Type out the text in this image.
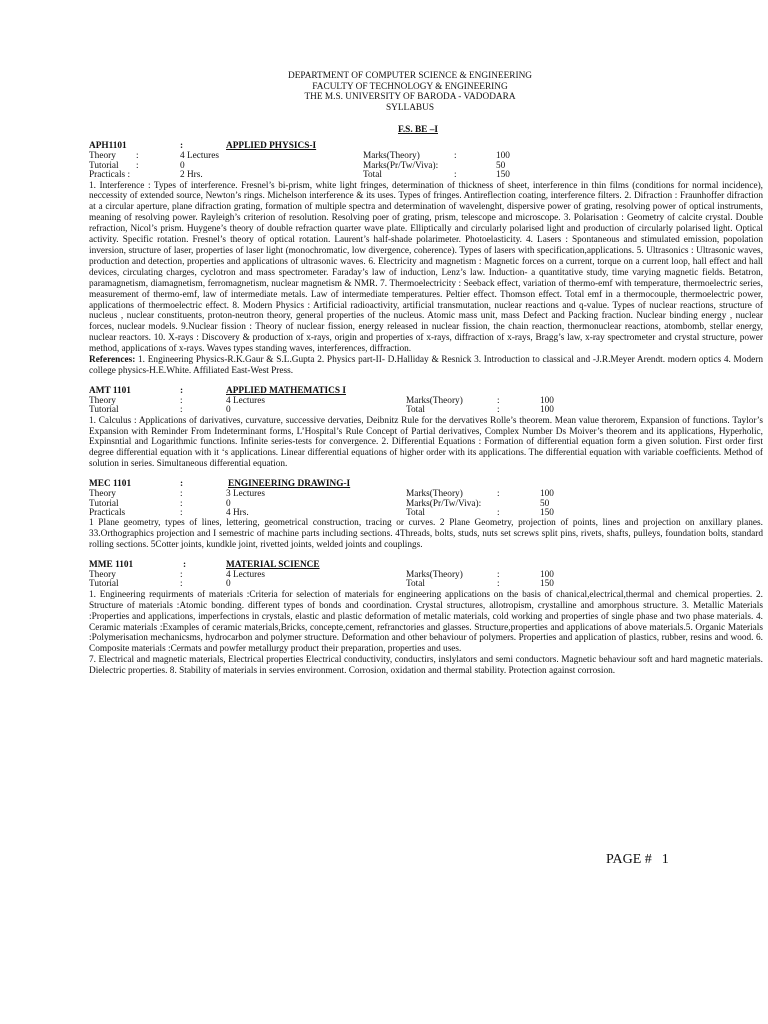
DEPARTMENT OF COMPUTER SCIENCE & ENGINEERING
FACULTY OF TECHNOLOGY & ENGINEERING
THE M.S. UNIVERSITY OF BARODA - VADODARA
SYLLABUS
F.S. BE –I
APH1101	:	APPLIED PHYSICS-I
Theory :	4 Lectures	Marks(Theory)	:	100
Tutorial :	0	Marks(Pr/Tw/Viva):	50
Practicals :	2 Hrs.	Total	:	150
1. Interference : Types of interference. Fresnel’s bi-prism, white light fringes, determination of thickness of sheet, interference in thin films (conditions for normal incidence), neccessity of extended source, Newton’s rings. Michelson interference & its uses. Types of fringes. Antireflection coating, interference filters. 2. Difraction : Fraunhoffer difraction at a circular aperture, plane difraction grating, formation of multiple spectra and determination of wavelenght, dispersive power of grating, resolving power of optical instruments, meaning of resolving power. Rayleigh’s criterion of resolution. Resolving poer of grating, prism, telescope and microscope. 3. Polarisation : Geometry of calcite crystal. Double refraction, Nicol’s prism. Huygene’s theory of double refraction quarter wave plate. Elliptically and circularly polarised light and production of circularly polarised light. Optical activity. Specific rotation. Fresnel’s theory of optical rotation. Laurent’s half-shade polarimeter. Photoelasticity. 4. Lasers : Spontaneous and stimulated emission, popolation inversion, structure of laser, properties of laser light (monochromatic, low divergence, coherence). Types of lasers with specification,applications. 5. Ultrasonics : Ultrasonic waves, production and detection, properties and applications of ultrasonic waves. 6. Electricity and magnetism : Magnetic forces on a current, torque on a current loop, hall effect and hall devices, circulating charges, cyclotron and mass spectrometer. Faraday’s law of induction, Lenz’s law. Induction- a quantitative study, time varying magnetic fields. Betatron, paramagnetism, diamagnetism, ferromagnetism, nuclear magnetism & NMR. 7. Thermoelectricity : Seeback effect, variation of thermo-emf with temperature, thermoelectric series, measurement of thermo-emf, law of intermediate metals. Law of intermediate temperatures. Peltier effect. Thomson effect. Total emf in a thermocouple, thermoelectric power, applications of thermoelectric effect. 8. Modern Physics : Artificial radioactivity, artificial transmutation, nuclear reactions and q-value. Types of nuclear reactions, structure of nucleus , nuclear constituents, proton-neutron theory, general properties of the nucleus. Atomic mass unit, mass Defect and Packing fraction. Nuclear binding energy , nuclear forces, nuclear models. 9.Nuclear fission : Theory of nuclear fission, energy released in nuclear fission, the chain reaction, thermonuclear reactions, atombomb, stellar energy, nuclear reactors. 10. X-rays : Discovery & production of x-rays, origin and properties of x-rays, diffraction of x-rays, Bragg’s law, x-ray spectrometer and crystal structure, power method, applications of x-rays. Waves types standing waves, interferences, diffraction.
References: 1. Engineering Physics-R.K.Gaur & S.L.Gupta 2. Physics part-II- D.Halliday & Resnick 3. Introduction to classical and -J.R.Meyer Arendt. modern optics 4. Modern college physics-H.E.White. Affiliated East-West Press.
AMT 1101	:	APPLIED MATHEMATICS I
Theory	:	4 Lectures	Marks(Theory)	:	100
Tutorial	:	0	Total	:	100
1. Calculus : Applications of darivatives, curvature, successive dervaties, Deibnitz Rule for the dervatives Rolle’s theorem. Mean value therorem, Expansion of functions. Taylor’s Expansion with Reminder From Indeterminant forms, L’Hospital’s Rule Concept of Partial derivatives, Complex Number Ds Moiver’s theorem and its applications, Hyperholic, Expinsntial and Logarithmic functions. Infinite series-tests for convergence. 2. Differential Equations : Formation of differential equation form a given solution. First order first degree differential equation with it ‘s applications. Linear differential equations of higher order with its applications. The differential equation with variable coefficients. Method of solution in series. Simultaneous differential equation.
MEC 1101	:	ENGINEERING DRAWING-I
Theory	:	3 Lectures	Marks(Theory)	:	100
Tutorial	:	0	Marks(Pr/Tw/Viva):	50
Practicals	:	4 Hrs.	Total	:	150
1 Plane geometry, types of lines, lettering, geometrical construction, tracing or curves. 2 Plane Geometry, projection of points, lines and projection on anxillary planes. 33.Orthographics projection and I semestric of machine parts including sections. 4Threads, bolts, studs, nuts set screws split pins, rivets, shafts, pulleys, foundation bolts, standard rolling sections. 5Cotter joints, kundkle joint, rivetted joints, welded joints and couplings.
MME 1101	:	MATERIAL SCIENCE
Theory	:	4 Lectures	Marks(Theory)	:	100
Tutorial	:	0	Total	:	150
1. Engineering requirments of materials :Criteria for selection of materials for engineering applications on the basis of chanical,electrical,thermal and chemical properties. 2. Structure of materials :Atomic bonding. different types of bonds and coordination. Crystal structures, allotropism, crystalline and amorphous structure. 3. Metallic Materials :Properties and applications, imperfections in crystals, elastic and plastic deformation of metalic materials, cold working and properties of single phase and two phase materials. 4. Ceramic materials :Examples of ceramic materials,Bricks, concepte,cement, refranctories and glasses. Structure,properties and applications of above materials.5. Organic Materials :Polymerisation mechanicsms, hydrocarbon and polymer structure. Deformation and other behaviour of polymers. Properties and application of plastics, rubber, resins and wood. 6. Composite materials :Cermats and powfer metallurgy product their preparation, properties and uses.
7. Electrical and magnetic materials, Electrical properties Electrical conductivity, conductirs, inslylators and semi conductors. Magnetic behaviour soft and hard magnetic materials. Dielectric properties. 8. Stability of materials in servies environment. Corrosion, oxidation and thermal stability. Protection against corrosion.
PAGE # 1
